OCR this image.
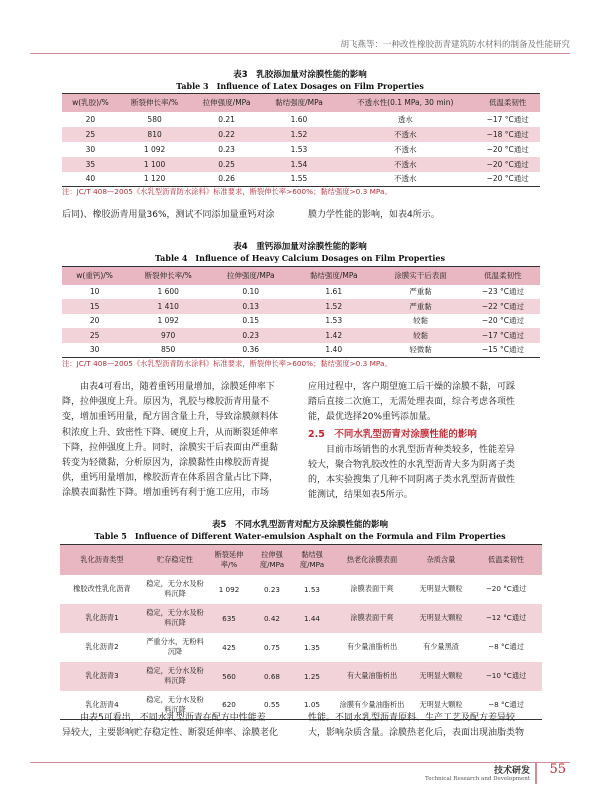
胡飞燕等：一种改性橡胶沥青建筑防水材料的制备及性能研究
表3　乳胶添加量对涂膜性能的影响
Table 3　Influence of Latex Dosages on Film Properties
w(乳胶)/%	断裂伸长率/%	拉伸强度/MPa	黏结强度/MPa	不透水性(0.1 MPa, 30 min)	低温柔韧性
20	580	0.21	1.60	透水	−17 °C通过
25	810	0.22	1.52	不透水	−18 °C通过
30	1 092	0.23	1.53	不透水	−20 °C通过
35	1 100	0.25	1.54	不透水	−20 °C通过
40	1 120	0.26	1.55	不透水	−20 °C通过
注：JC/T 408—2005《水乳型沥青防水涂料》标准要求，断裂伸长率>600%；黏结强度>0.3 MPa。
后同)、橡胶沥青用量36%，测试不同添加量重钙对涂	膜力学性能的影响，如表4所示。
表4　重钙添加量对涂膜性能的影响
Table 4　Influence of Heavy Calcium Dosages on Film Properties
w(重钙)/%	断裂伸长率/%	拉伸强度/MPa	黏结强度/MPa	涂膜实干后表面	低温柔韧性
10	1 600	0.10	1.61	严重黏	−23 °C通过
15	1 410	0.13	1.52	严重黏	−22 °C通过
20	1 092	0.15	1.53	较黏	−20 °C通过
25	970	0.23	1.42	较黏	−17 °C通过
30	850	0.36	1.40	轻微黏	−15 °C通过
注：JC/T 408—2005《水乳型沥青防水涂料》标准要求，断裂伸长率>600%；黏结强度>0.3 MPa。
由表4可看出，随着重钙用量增加，涂膜延伸率下
降，拉伸强度上升。原因为，乳胶与橡胶沥青用量不
变，增加重钙用量，配方固含量上升，导致涂膜颜料体
积浓度上升、致密性下降、硬度上升，从而断裂延伸率
下降，拉伸强度上升。同时，涂膜实干后表面由严重黏
转变为轻微黏，分析原因为，涂膜黏性由橡胶沥青提
供，重钙用量增加，橡胶沥青在体系固含量占比下降，
涂膜表面黏性下降。增加重钙有利于施工应用，市场
应用过程中，客户期望施工后干燥的涂膜不黏，可踩
踏后直接二次施工，无需处理表面，综合考虑各项性
能，最优选择20%重钙添加量。
2.5　不同水乳型沥青对涂膜性能的影响
目前市场销售的水乳型沥青种类较多，性能差异
较大，聚合物乳胶改性的水乳型沥青大多为阴离子类
的，本实验搜集了几种不同阴离子类水乳型沥青做性
能测试，结果如表5所示。
表5　不同水乳型沥青对配方及涂膜性能的影响
Table 5　Influence of Different Water-emulsion Asphalt on the Formula and Film Properties
乳化沥青类型	贮存稳定性	断裂延伸率/%	拉伸强度/MPa	黏结强度/MPa	热老化涂膜表面	杂质含量	低温柔韧性
橡胶改性乳化沥青	稳定，无分水及粉料沉降	1 092	0.23	1.53	涂膜表面干爽	无明显大颗粒	−20 °C通过
乳化沥青1	稳定，无分水及粉料沉降	635	0.42	1.44	涂膜表面干爽	无明显大颗粒	−12 °C通过
乳化沥青2	严重分水，无粉料沉降	425	0.75	1.35	有少量油脂析出	有少量黑渣	−8 °C通过
乳化沥青3	稳定，无分水及粉料沉降	560	0.68	1.25	有大量油脂析出	无明显大颗粒	−10 °C通过
乳化沥青4	稳定，无分水及粉料沉降	620	0.55	1.05	涂膜有少量油脂析出	无明显大颗粒	−8 °C通过
由表5可看出，不同水乳型沥青在配方中性能差
异较大，主要影响贮存稳定性、断裂延伸率、涂膜老化
性能。不同水乳型沥青原料、生产工艺及配方差异较
大，影响杂质含量。涂膜热老化后，表面出现油脂类物
技术研发
Technical Research and Development
55
